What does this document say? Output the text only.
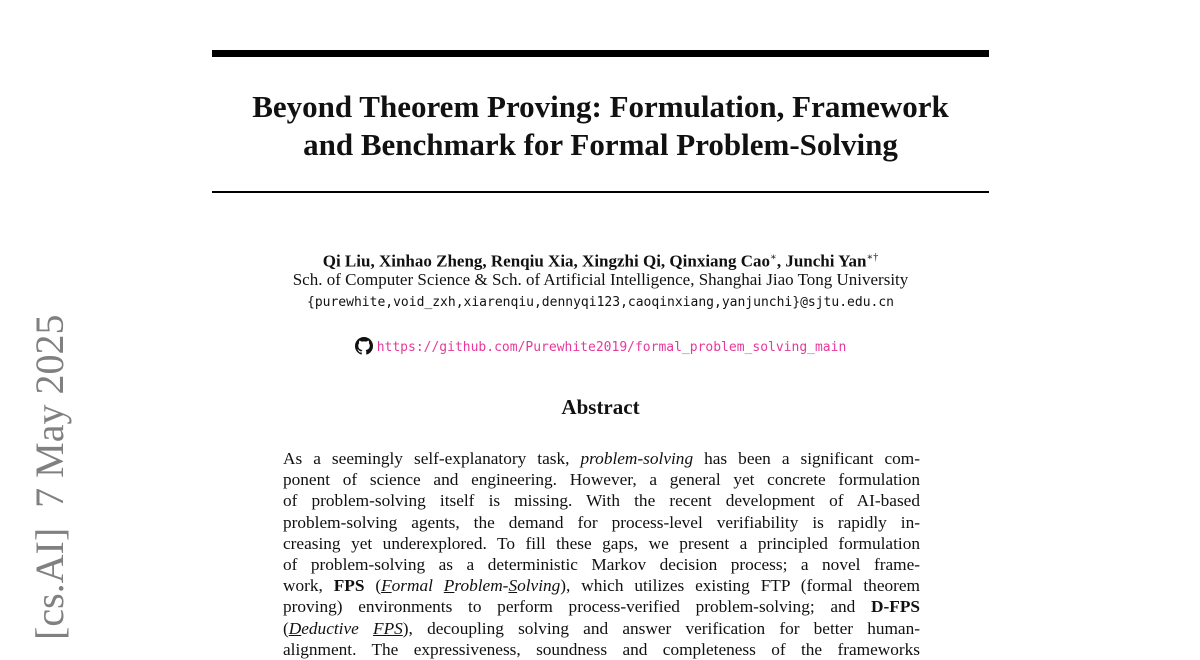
Beyond Theorem Proving: Formulation, Framework
and Benchmark for Formal Problem-Solving
Qi Liu, Xinhao Zheng, Renqiu Xia, Xingzhi Qi, Qinxiang Cao∗, Junchi Yan∗†
Sch. of Computer Science & Sch. of Artificial Intelligence, Shanghai Jiao Tong University
{purewhite,void_zxh,xiarenqiu,dennyqi123,caoqinxiang,yanjunchi}@sjtu.edu.cn
https://github.com/Purewhite2019/formal_problem_solving_main
Abstract
As a seemingly self-explanatory task, problem-solving has been a significant com-
ponent of science and engineering. However, a general yet concrete formulation
of problem-solving itself is missing. With the recent development of AI-based
problem-solving agents, the demand for process-level verifiability is rapidly in-
creasing yet underexplored. To fill these gaps, we present a principled formulation
of problem-solving as a deterministic Markov decision process; a novel frame-
work, FPS (Formal Problem-Solving), which utilizes existing FTP (formal theorem
proving) environments to perform process-verified problem-solving; and D-FPS
(Deductive FPS), decoupling solving and answer verification for better human-
alignment. The expressiveness, soundness and completeness of the frameworks
[cs.AI]  7 May 2025
